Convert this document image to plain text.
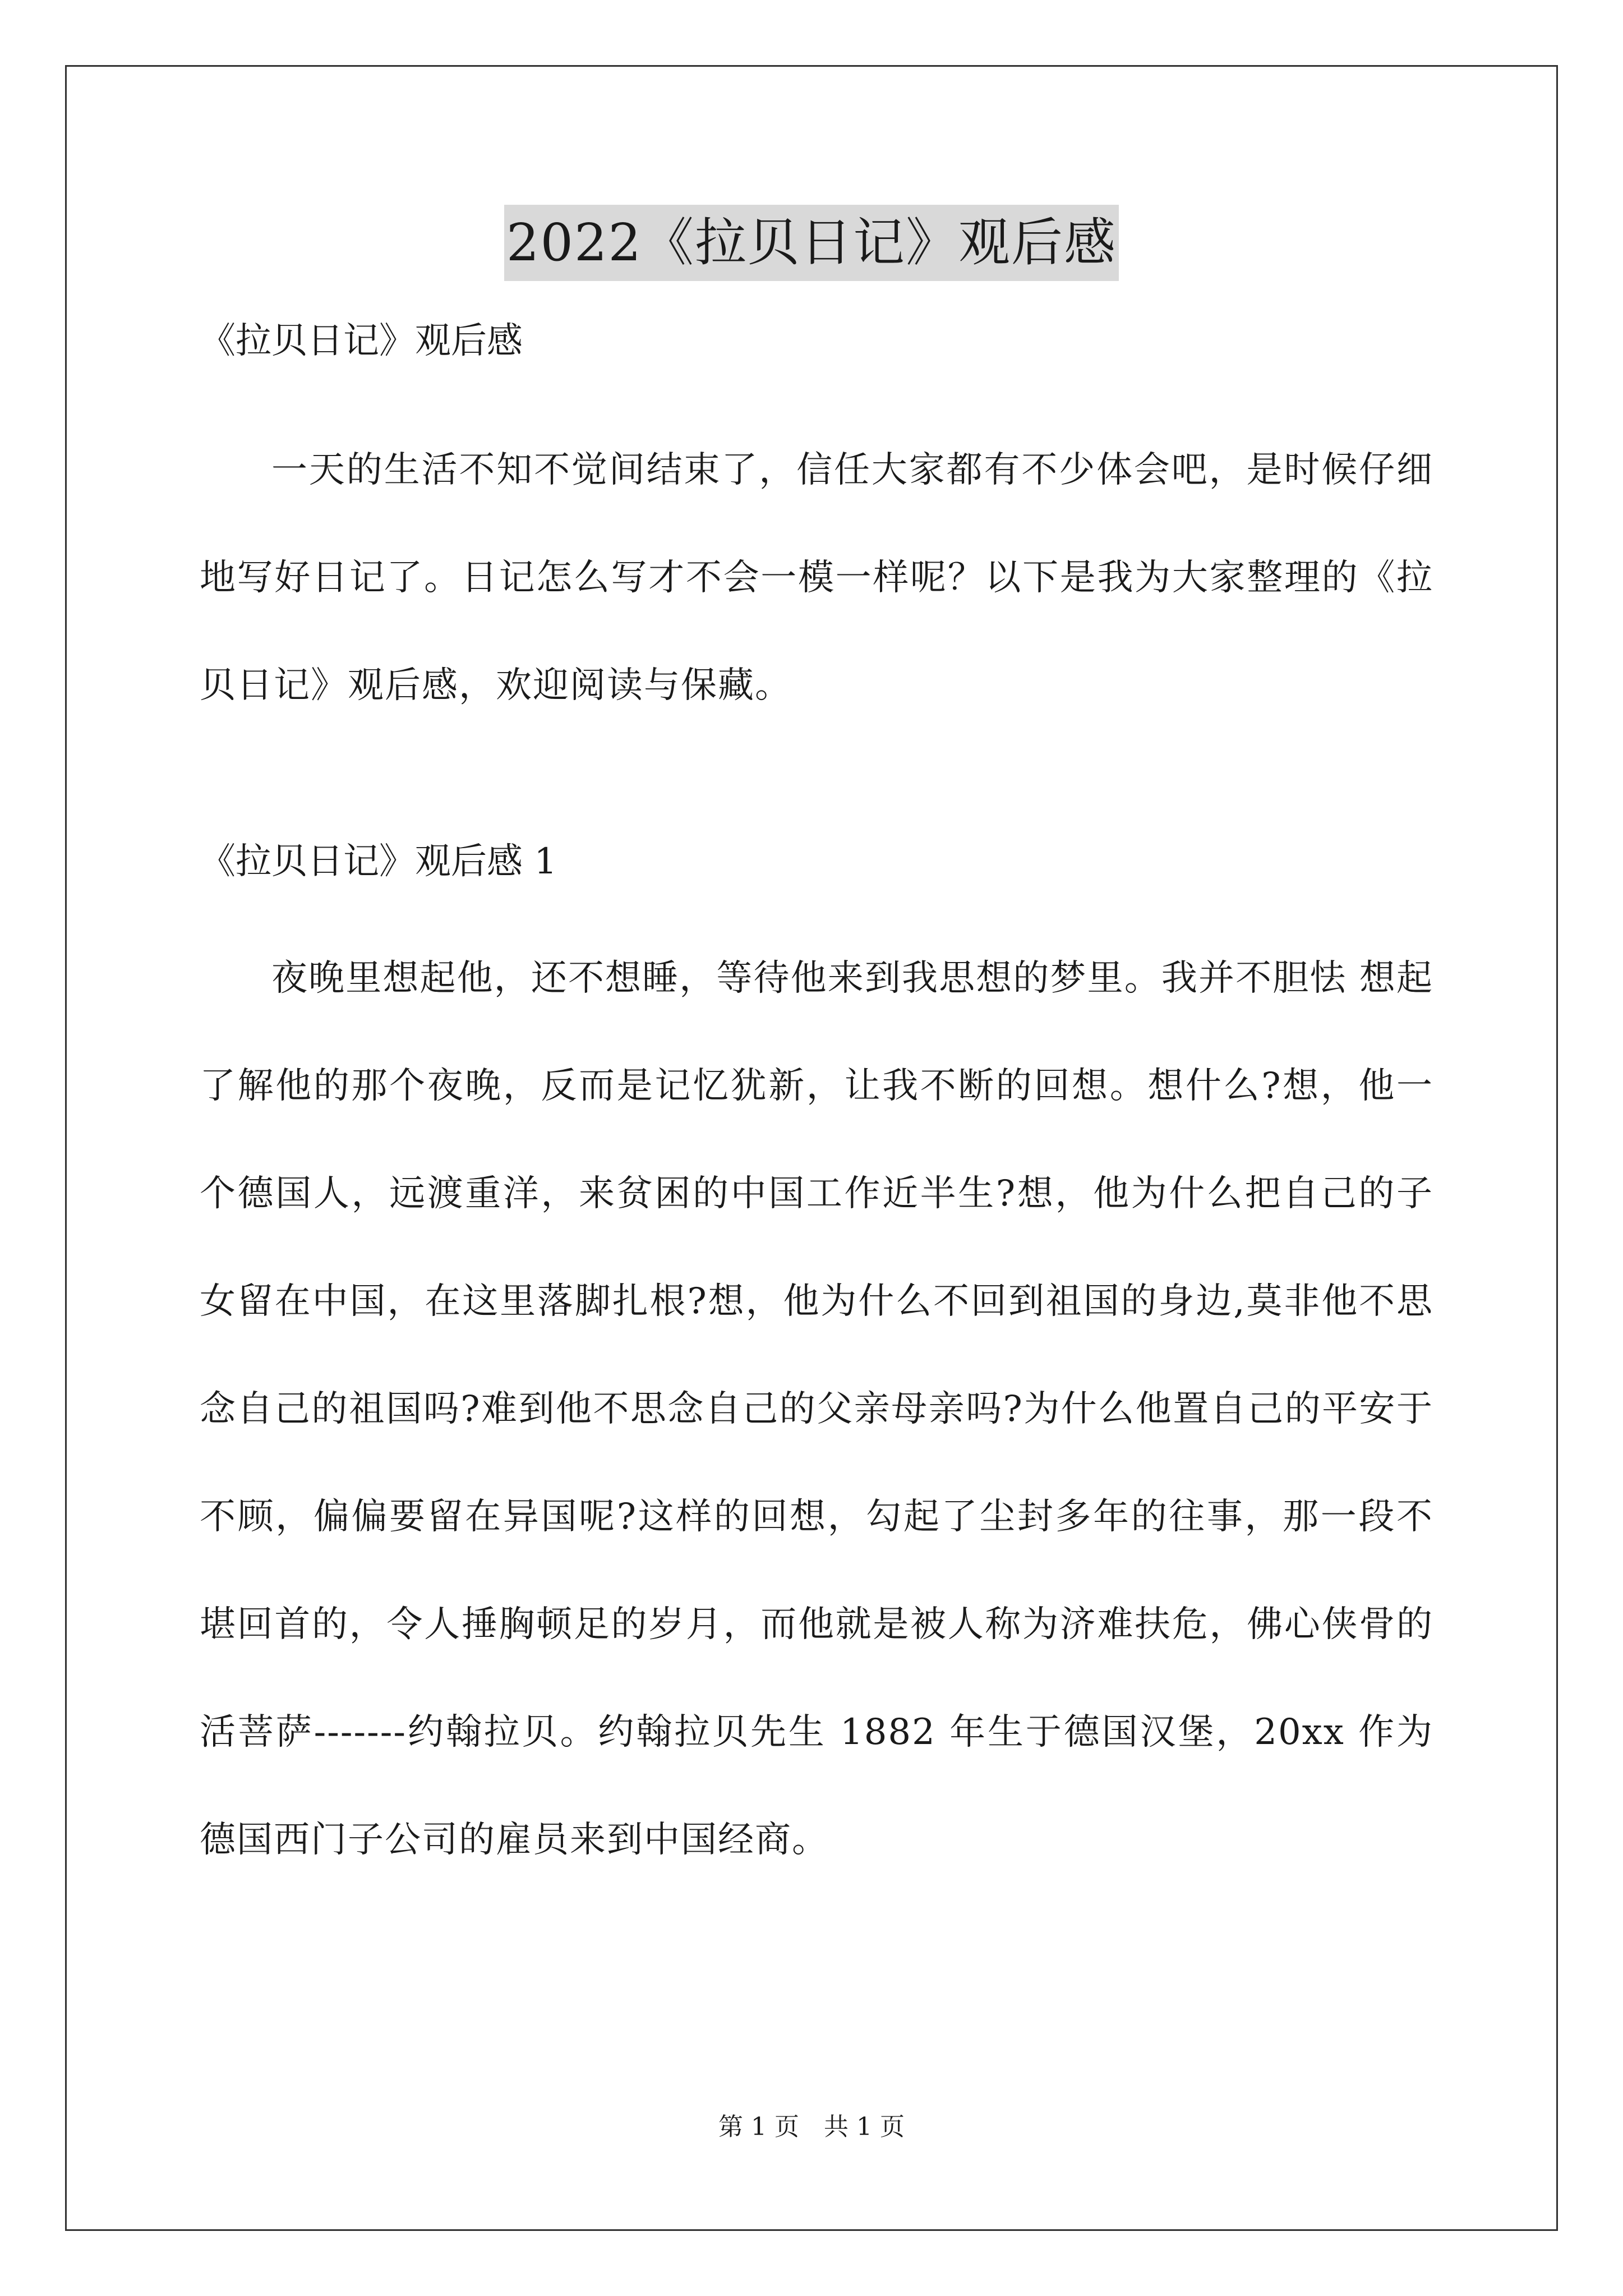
2022《拉贝日记》观后感

《拉贝日记》观后感

一天的生活不知不觉间结束了，信任大家都有不少体会吧，是时候仔细地写好日记了。日记怎么写才不会一模一样呢？以下是我为大家整理的《拉贝日记》观后感，欢迎阅读与保藏。

《拉贝日记》观后感 1

夜晚里想起他，还不想睡，等待他来到我思想的梦里。我并不胆怯 想起了解他的那个夜晚，反而是记忆犹新，让我不断的回想。想什么?想，他一个德国人，远渡重洋，来贫困的中国工作近半生?想，他为什么把自己的子女留在中国，在这里落脚扎根?想，他为什么不回到祖国的身边,莫非他不思念自己的祖国吗?难到他不思念自己的父亲母亲吗?为什么他置自己的平安于不顾，偏偏要留在异国呢?这样的回想，勾起了尘封多年的往事，那一段不堪回首的，令人捶胸顿足的岁月，而他就是被人称为济难扶危，佛心侠骨的活菩萨-------约翰拉贝。约翰拉贝先生 1882 年生于德国汉堡，20xx 作为德国西门子公司的雇员来到中国经商。

第 1 页　共 1 页
